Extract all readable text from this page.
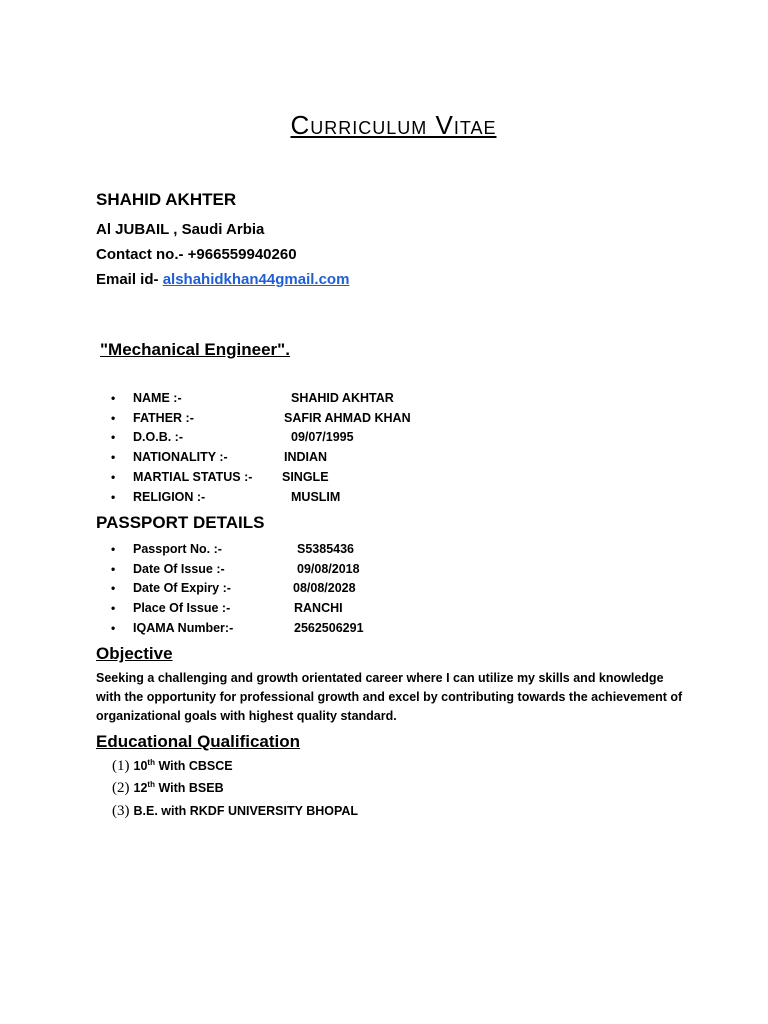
Curriculum Vitae
SHAHID AKHTER
Al JUBAIL , Saudi Arbia
Contact no.- +966559940260
Email id- alshahidkhan44gmail.com
"Mechanical Engineer".
• NAME :-	SHAHID AKHTAR
• FATHER :-	SAFIR AHMAD KHAN
• D.O.B. :-	09/07/1995
• NATIONALITY :-	INDIAN
• MARTIAL STATUS :- SINGLE
• RELIGION :-	MUSLIM
PASSPORT DETAILS
• Passport No. :-	S5385436
• Date Of Issue :-	09/08/2018
• Date Of Expiry :-	08/08/2028
• Place Of Issue :-	RANCHI
• IQAMA Number:-	2562506291
Objective
Seeking a challenging and growth orientated career where I can utilize my skills and knowledge with the opportunity for professional growth and excel by contributing towards the achievement of organizational goals with highest quality standard.
Educational Qualification
(1) 10th With CBSCE
(2) 12th With BSEB
(3) B.E. with RKDF UNIVERSITY BHOPAL
